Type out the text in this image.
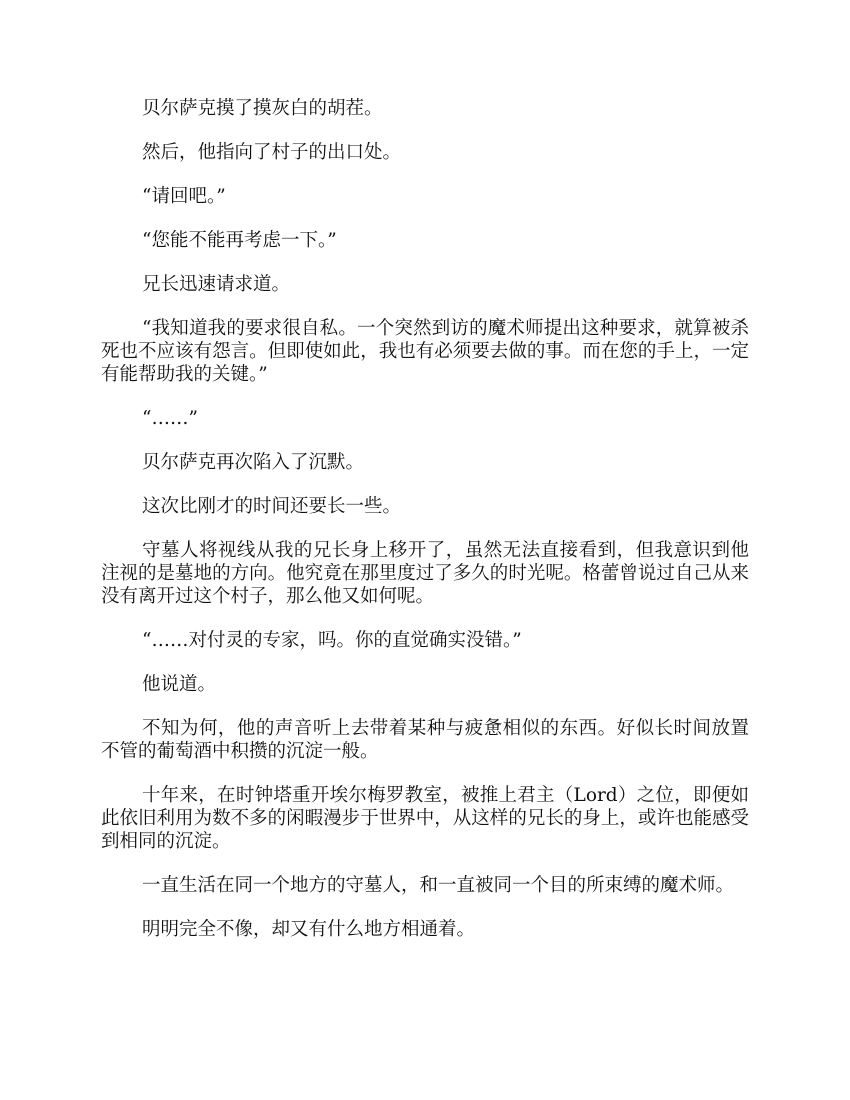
贝尔萨克摸了摸灰白的胡茬。

然后，他指向了村子的出口处。

“请回吧。”

“您能不能再考虑一下。”

兄长迅速请求道。

“我知道我的要求很自私。一个突然到访的魔术师提出这种要求，就算被杀死也不应该有怨言。但即使如此，我也有必须要去做的事。而在您的手上，一定有能帮助我的关键。”

“……”

贝尔萨克再次陷入了沉默。

这次比刚才的时间还要长一些。

守墓人将视线从我的兄长身上移开了，虽然无法直接看到，但我意识到他注视的是墓地的方向。他究竟在那里度过了多久的时光呢。格蕾曾说过自己从来没有离开过这个村子，那么他又如何呢。

“……对付灵的专家，吗。你的直觉确实没错。”

他说道。

不知为何，他的声音听上去带着某种与疲惫相似的东西。好似长时间放置不管的葡萄酒中积攒的沉淀一般。

十年来，在时钟塔重开埃尔梅罗教室，被推上君主（Lord）之位，即便如此依旧利用为数不多的闲暇漫步于世界中，从这样的兄长的身上，或许也能感受到相同的沉淀。

一直生活在同一个地方的守墓人，和一直被同一个目的所束缚的魔术师。

明明完全不像，却又有什么地方相通着。
